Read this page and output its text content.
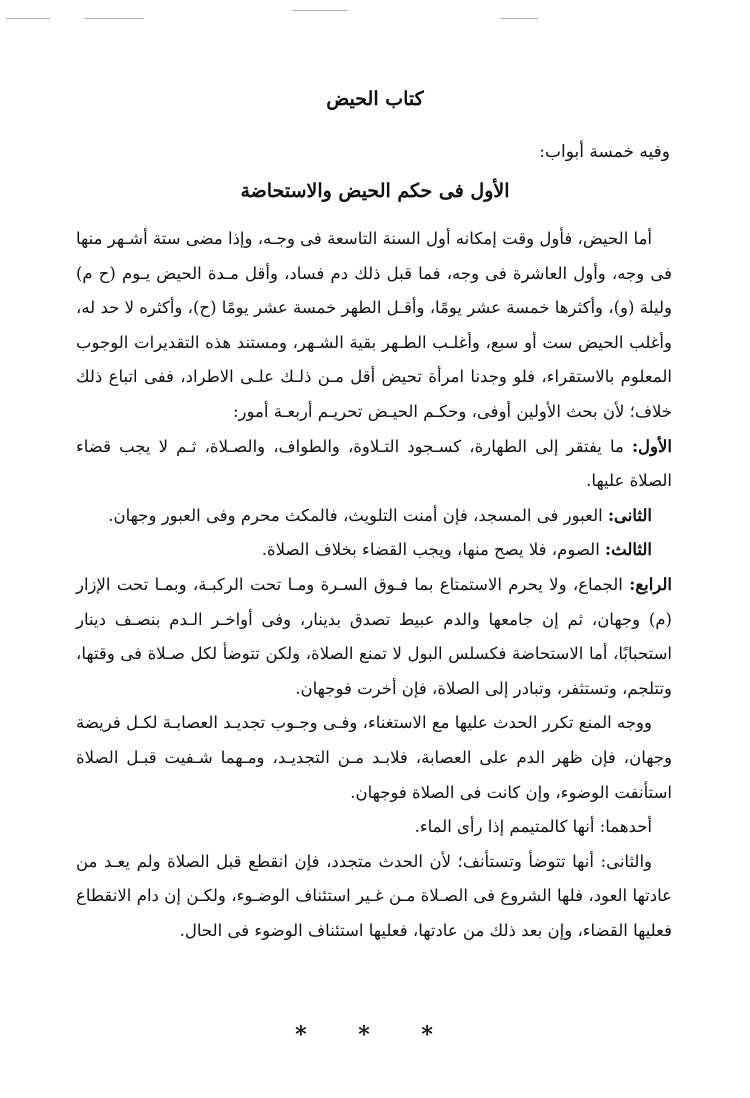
كتاب الحيض
وفيه خمسة أبواب:
الأول فى حكم الحيض والاستحاضة

أما الحيض، فأول وقت إمكانه أول السنة التاسعة فى وجـه، وإذا مضى ستة أشـهر منها فى وجه، وأول العاشرة فى وجه، فما قبل ذلك دم فساد، وأقل مـدة الحيض يـوم (ح م) وليلة (و)، وأكثرها خمسة عشر يومًا، وأقـل الطهر خمسة عشر يومًا (ح)، وأكثره لا حد له، وأغلب الحيض ست أو سبع، وأغلـب الطـهر بقية الشـهر، ومستند هذه التقديرات الوجوب المعلوم بالاستقراء، فلو وجدنا امرأة تحيض أقل مـن ذلـك علـى الاطراد، ففى اتباع ذلك خلاف؛ لأن بحث الأولين أوفى، وحكـم الحيـض تحريـم أربعـة أمور:

الأول: ما يفتقر إلى الطهارة، كسـجود التـلاوة، والطواف، والصـلاة، ثـم لا يجب قضاء الصلاة عليها.

الثانى: العبور فى المسجد، فإن أمنت التلويث، فالمكث محرم وفى العبور وجهان.

الثالث: الصوم، فلا يصح منها، ويجب القضاء بخلاف الصلاة.

الرابع: الجماع، ولا يحرم الاستمتاع بما فـوق السـرة ومـا تحت الركبـة، وبمـا تحت الإزار (م) وجهان، ثم إن جامعها والدم عبيط تصدق بدينار، وفى أواخـر الـدم بنصـف دينار استحبابًا، أما الاستحاضة فكسلس البول لا تمنع الصلاة، ولكن تتوضأ لكل صـلاة فى وقتها، وتتلجم، وتستثفر، وتبادر إلى الصلاة، فإن أخرت فوجهان.

ووجه المنع تكرر الحدث عليها مع الاستغناء، وفـى وجـوب تجديـد العصابـة لكـل فريضة وجهان، فإن ظهر الدم على العصابة، فلابـد مـن التجديـد، ومـهما شـفيت قبـل الصلاة استأنفت الوضوء، وإن كانت فى الصلاة فوجهان.

أحدهما: أنها كالمتيمم إذا رأى الماء.

والثانى: أنها تتوضأ وتستأنف؛ لأن الحدث متجدد، فإن انقطع قبل الصلاة ولم يعـد من عادتها العود، فلها الشروع فى الصـلاة مـن غـير استئناف الوضـوء، ولكـن إن دام الانقطاع فعليها القضاء، وإن بعد ذلك من عادتها، فعليها استئناف الوضوء فى الحال.

* * *
